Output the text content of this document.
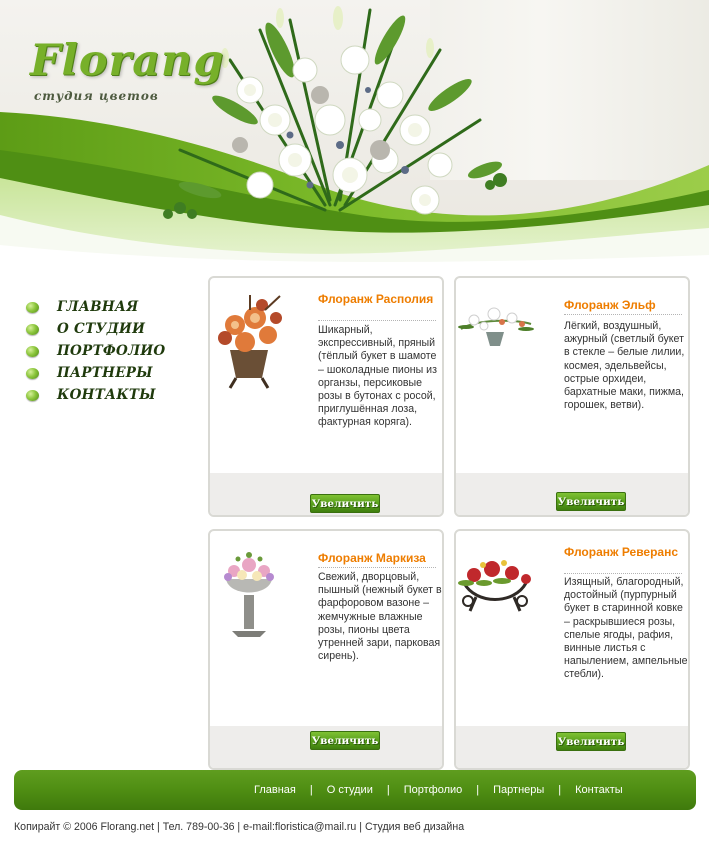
Florang
студия цветов
ГЛАВНАЯ
О СТУДИИ
ПОРТФОЛИО
ПАРТНЕРЫ
КОНТАКТЫ
Флоранж Располия
Шикарный, экспрессивный, пряный (тёплый букет в шамоте – шоколадные пионы из органзы, персиковые розы в бутонах с росой, приглушённая лоза, фактурная коряга).
Увеличить
Флоранж Эльф
Лёгкий, воздушный, ажурный (светлый букет в стекле – белые лилии, космея, эдельвейсы, острые орхидеи, бархатные маки, пижма, горошек, ветви).
Увеличить
Флоранж Маркиза
Свежий, дворцовый, пышный (нежный букет в фарфоровом вазоне – жемчужные влажные розы, пионы цвета утренней зари, парковая сирень).
Увеличить
Флоранж Реверанс
Изящный, благородный, достойный (пурпурный букет в старинной ковке – раскрывшиеся розы, спелые ягоды, рафия, винные листья с напылением, ампельные стебли).
Увеличить
Главная | О студии | Портфолио | Партнеры | Контакты
Копирайт © 2006 Florang.net | Тел. 789-00-36 | e-mail:floristica@mail.ru | Студия веб дизайна
